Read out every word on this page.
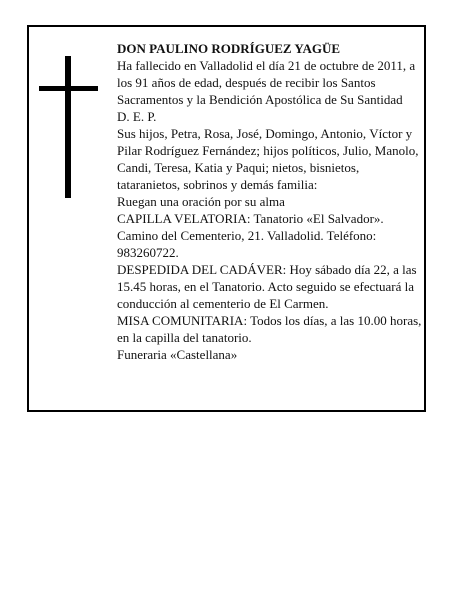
DON PAULINO RODRÍGUEZ YAGÜE

Ha fallecido en Valladolid el día 21 de octubre de 2011, a los 91 años de edad, después de recibir los Santos Sacramentos y la Bendición Apostólica de Su Santidad

D. E. P.

Sus hijos, Petra, Rosa, José, Domingo, Antonio, Víctor y Pilar Rodríguez Fernández; hijos políticos, Julio, Manolo, Candi, Teresa, Katia y Paqui; nietos, bisnietos, tataranietos, sobrinos y demás familia:

Ruegan una oración por su alma

CAPILLA VELATORIA: Tanatorio «El Salvador». Camino del Cementerio, 21. Valladolid. Teléfono: 983260722.

DESPEDIDA DEL CADÁVER: Hoy sábado día 22, a las 15.45 horas, en el Tanatorio. Acto seguido se efectuará la conducción al cementerio de El Carmen.

MISA COMUNITARIA: Todos los días, a las 10.00 horas, en la capilla del tanatorio.

Funeraria «Castellana»
